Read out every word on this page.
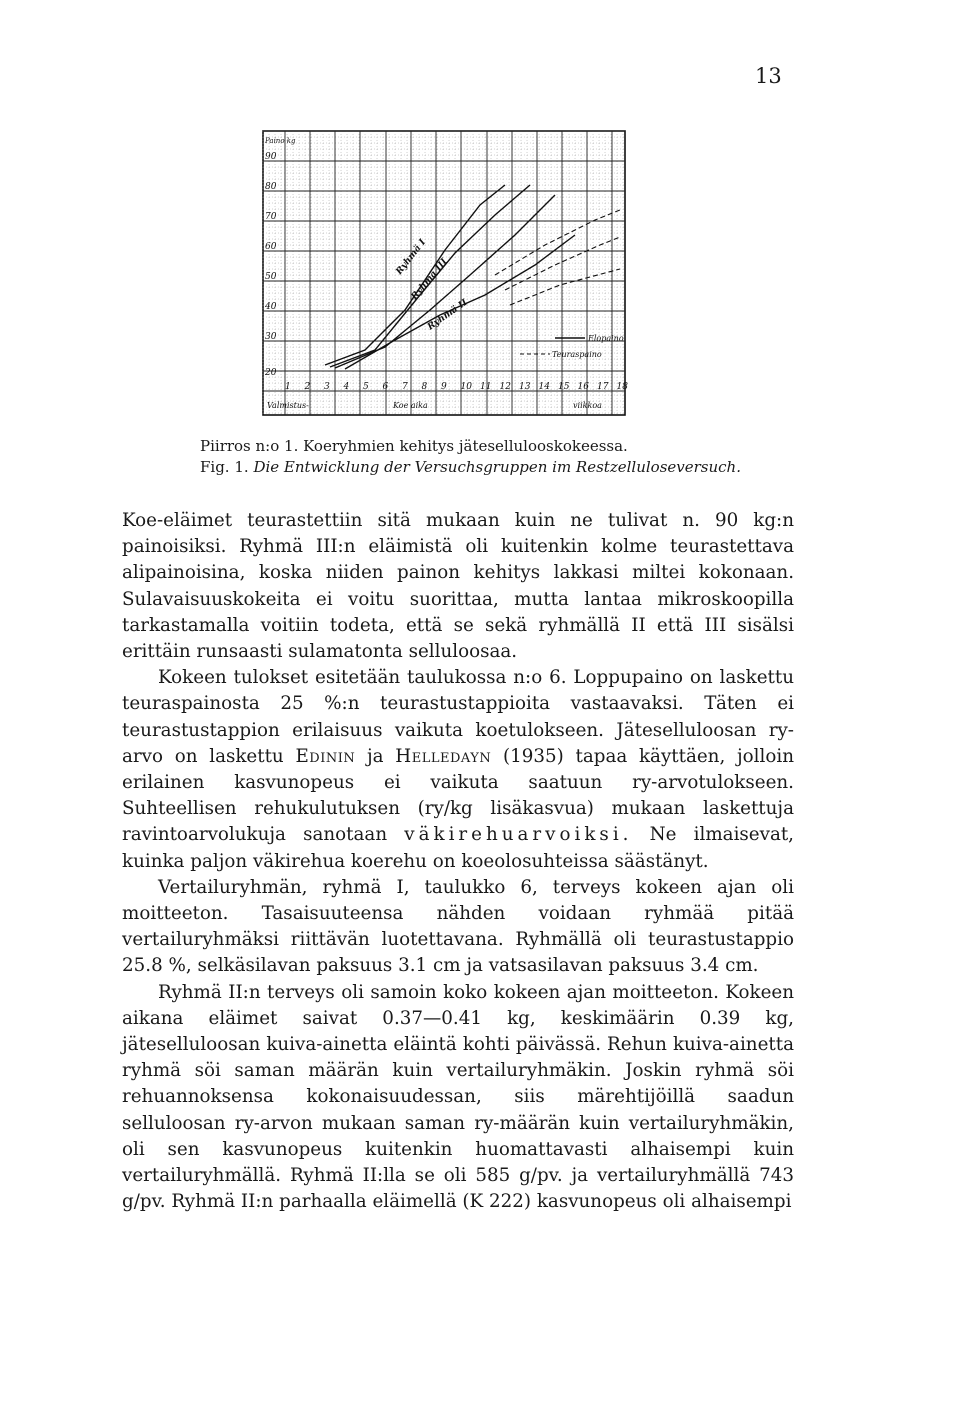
13
90
80
70
60
50
40
30
20
Paino kg
1 2 3 4 5 6 7 8 9 10 11 12 13 14 15 16 17 18
Valmistus-	Koe aika	viikkoa
Ryhmä I
Ryhmä III
Ryhmä II
Elopaino
Teuraspaino
Piirros n:o 1. Koeryhmien kehitys jätesellulooskokeessa.
Fig. 1. Die Entwicklung der Versuchsgruppen im Restzelluloseversuch.

Koe-eläimet teurastettiin sitä mukaan kuin ne tulivat n. 90 kg:n painoisiksi. Ryhmä III:n eläimistä oli kuitenkin kolme teurastettava alipainoisina, koska niiden painon kehitys lakkasi miltei kokonaan. Sulavaisuuskokeita ei voitu suorittaa, mutta lantaa mikroskoopilla tarkastamalla voitiin todeta, että se sekä ryhmällä II että III sisälsi erittäin runsaasti sulamatonta selluloosaa.

Kokeen tulokset esitetään taulukossa n:o 6. Loppupaino on laskettu teuraspainosta 25 %:n teurastustappioita vastaavaksi. Täten ei teurastustappion erilaisuus vaikuta koetulokseen. Jäteselluloosan ry-arvo on laskettu Edinin ja Helledayn (1935) tapaa käyttäen, jolloin erilainen kasvunopeus ei vaikuta saatuun ry-arvotulokseen. Suhteellisen rehukulutuksen (ry/kg lisäkasvua) mukaan laskettuja ravintoarvolukuja sanotaan väkirehuarvoiksi. Ne ilmaisevat, kuinka paljon väkirehua koerehu on koeolosuhteissa säästänyt.

Vertailuryhmän, ryhmä I, taulukko 6, terveys kokeen ajan oli moitteeton. Tasaisuuteensa nähden voidaan ryhmää pitää vertailuryhmäksi riittävän luotettavana. Ryhmällä oli teurastustappio 25.8 %, selkäsilavan paksuus 3.1 cm ja vatsasilavan paksuus 3.4 cm.

Ryhmä II:n terveys oli samoin koko kokeen ajan moitteeton. Kokeen aikana eläimet saivat 0.37—0.41 kg, keskimäärin 0.39 kg, jäteselluloosan kuiva-ainetta eläintä kohti päivässä. Rehun kuiva-ainetta ryhmä söi saman määrän kuin vertailuryhmäkin. Joskin ryhmä söi rehuannoksensa kokonaisuudessan, siis märehtijöillä saadun selluloosan ry-arvon mukaan saman ry-määrän kuin vertailuryhmäkin, oli sen kasvunopeus kuitenkin huomattavasti alhaisempi kuin vertailuryhmällä. Ryhmä II:lla se oli 585 g/pv. ja vertailuryhmällä 743 g/pv. Ryhmä II:n parhaalla eläimellä (K 222) kasvunopeus oli alhaisempi
